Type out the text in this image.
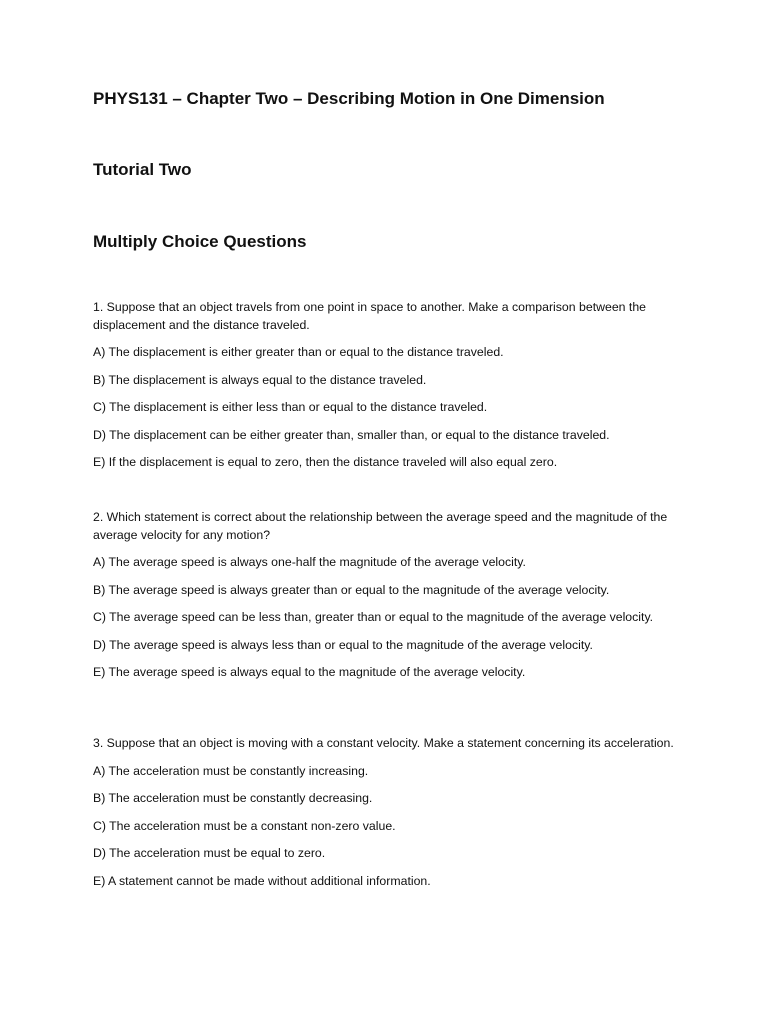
PHYS131 – Chapter Two – Describing Motion in One Dimension
Tutorial Two
Multiply Choice Questions

1. Suppose that an object travels from one point in space to another. Make a comparison between the displacement and the distance traveled.

A) The displacement is either greater than or equal to the distance traveled.

B) The displacement is always equal to the distance traveled.

C) The displacement is either less than or equal to the distance traveled.

D) The displacement can be either greater than, smaller than, or equal to the distance traveled.

E) If the displacement is equal to zero, then the distance traveled will also equal zero.

2. Which statement is correct about the relationship between the average speed and the magnitude of the average velocity for any motion?

A) The average speed is always one-half the magnitude of the average velocity.

B) The average speed is always greater than or equal to the magnitude of the average velocity.

C) The average speed can be less than, greater than or equal to the magnitude of the average velocity.

D) The average speed is always less than or equal to the magnitude of the average velocity.

E) The average speed is always equal to the magnitude of the average velocity.

3. Suppose that an object is moving with a constant velocity. Make a statement concerning its acceleration.

A) The acceleration must be constantly increasing.

B) The acceleration must be constantly decreasing.

C) The acceleration must be a constant non-zero value.

D) The acceleration must be equal to zero.

E) A statement cannot be made without additional information.
